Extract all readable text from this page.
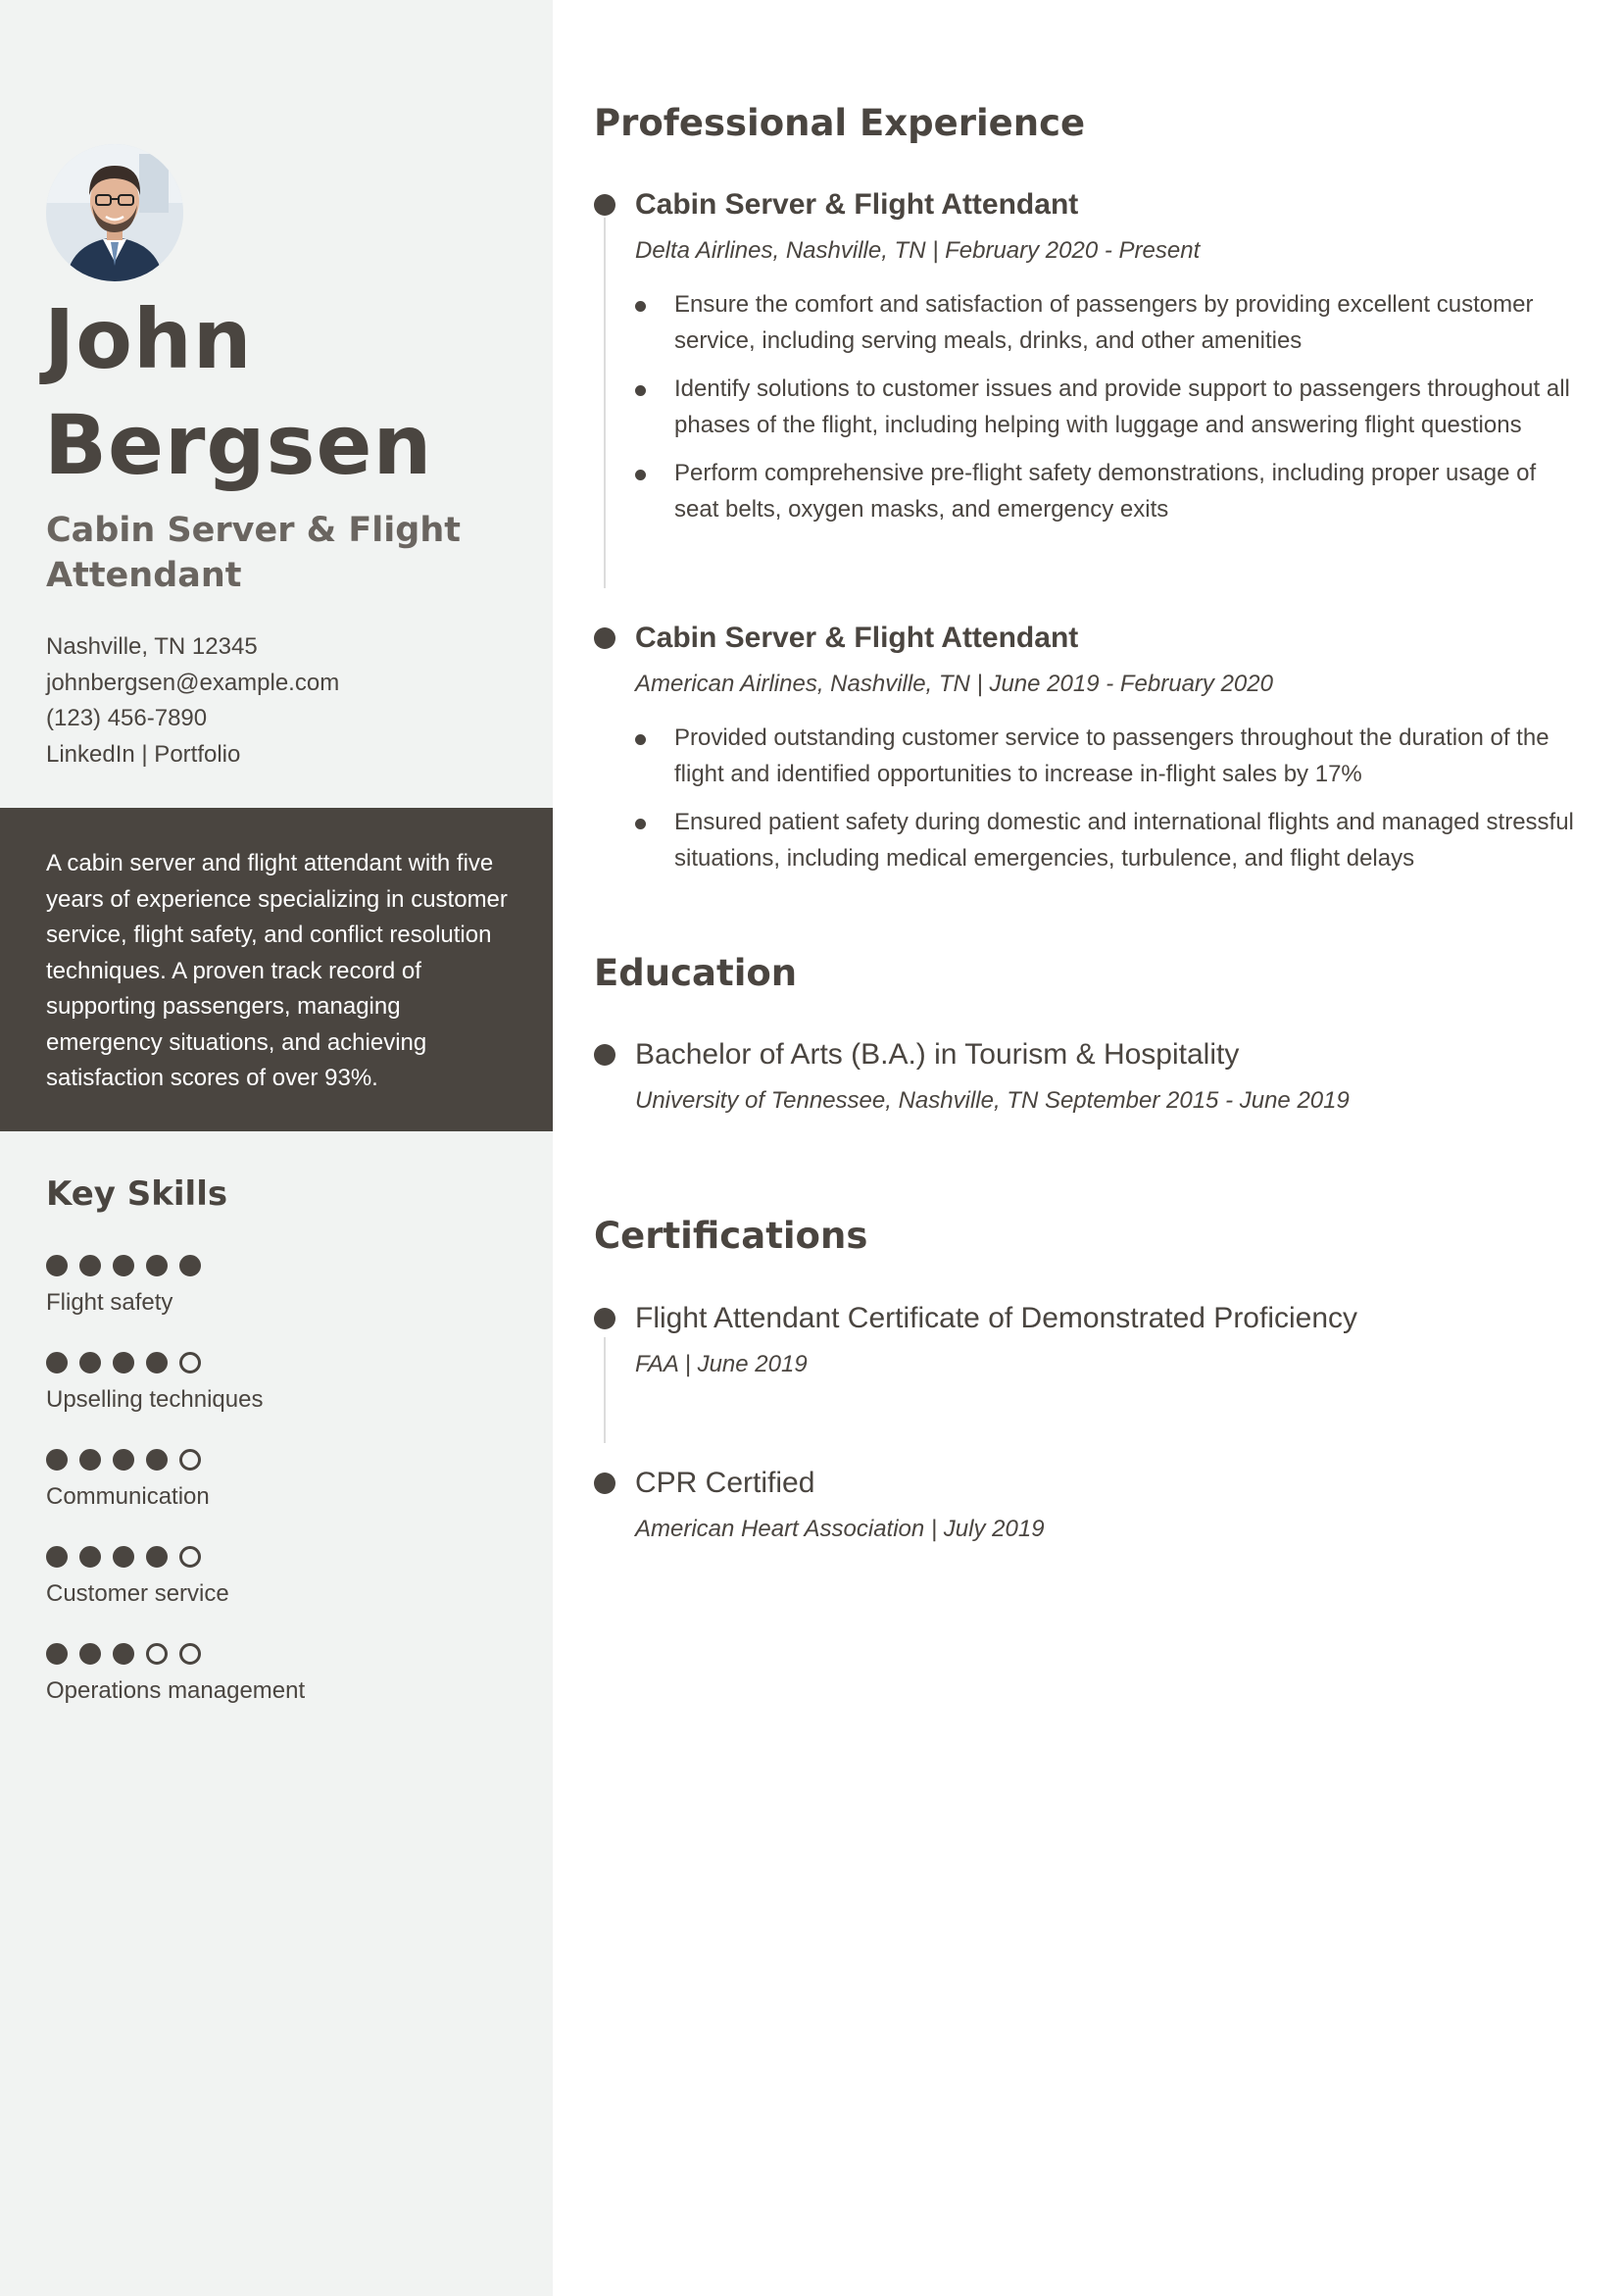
John
Bergsen
Cabin Server & Flight Attendant
Nashville, TN 12345
johnbergsen@example.com
(123) 456-7890
LinkedIn | Portfolio

A cabin server and flight attendant with five years of experience specializing in customer service, flight safety, and conflict resolution techniques. A proven track record of supporting passengers, managing emergency situations, and achieving satisfaction scores of over 93%.

Key Skills
Flight safety
Upselling techniques
Communication
Customer service
Operations management
Professional Experience
Cabin Server & Flight Attendant
Delta Airlines, Nashville, TN | February 2020 - Present
Ensure the comfort and satisfaction of passengers by providing excellent customer service, including serving meals, drinks, and other amenities
Identify solutions to customer issues and provide support to passengers throughout all phases of the flight, including helping with luggage and answering flight questions
Perform comprehensive pre-flight safety demonstrations, including proper usage of seat belts, oxygen masks, and emergency exits
Cabin Server & Flight Attendant
American Airlines, Nashville, TN | June 2019 - February 2020
Provided outstanding customer service to passengers throughout the duration of the flight and identified opportunities to increase in-flight sales by 17%
Ensured patient safety during domestic and international flights and managed stressful situations, including medical emergencies, turbulence, and flight delays
Education
Bachelor of Arts (B.A.) in Tourism & Hospitality
University of Tennessee, Nashville, TN September 2015 - June 2019
Certifications
Flight Attendant Certificate of Demonstrated Proficiency
FAA | June 2019
CPR Certified
American Heart Association | July 2019
